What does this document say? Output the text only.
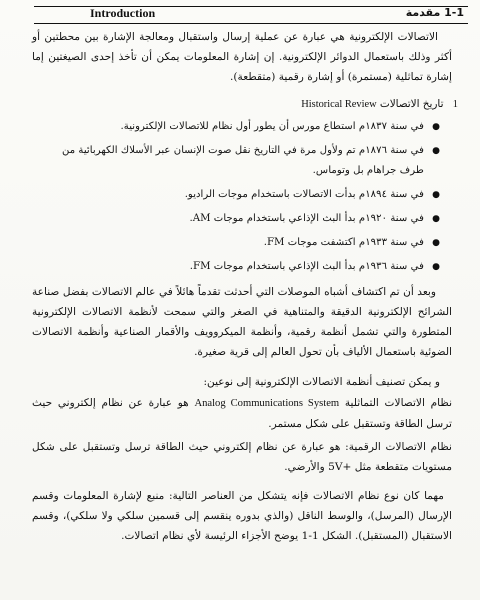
Introduction	1-1 مقدمة

الاتصالات الإلكترونية هي عبارة عن عملية إرسال واستقبال ومعالجة الإشارة بين محطتين أو أكثر وذلك باستعمال الدوائر الإلكترونية. إن إشارة المعلومات يمكن أن تأخذ إحدى الصيغتين إما إشارة تماثلية (مستمرة) أو إشارة رقمية (متقطعة).

1 تاريخ الاتصالات Historical Review
●
في سنة ١٨٣٧م استطاع مورس أن يطور أول نظام للاتصالات الإلكترونية.
●
في سنة ١٨٧٦م تم ولأول مرة في التاريخ نقل صوت الإنسان عبر الأسلاك الكهربائية من طرف جراهام بل وتوماس.
●
في سنة ١٨٩٤م بدأت الاتصالات باستخدام موجات الراديو.
●
في سنة ١٩٢٠م بدأ البث الإذاعي باستخدام موجات AM.
●
في سنة ١٩٣٣م اكتشفت موجات FM.
●
في سنة ١٩٣٦م بدأ البث الإذاعي باستخدام موجات FM.

وبعد أن تم اكتشاف أشباه الموصلات التي أحدثت تقدماً هائلاً في عالم الاتصالات بفضل صناعة الشرائح الإلكترونية الدقيقة والمتناهية في الصغر والتي سمحت لأنظمة الاتصالات الإلكترونية المتطورة والتي تشمل أنظمة رقمية، وأنظمة الميكروويف والأقمار الصناعية وأنظمة الاتصالات الضوئية باستعمال الألياف بأن تحول العالم إلى قرية صغيرة.

و يمكن تصنيف أنظمة الاتصالات الإلكترونية إلى نوعين:

نظام الاتصالات التماثلية Analog Communications System هو عبارة عن نظام إلكتروني حيث ترسل الطاقة وتستقبل على شكل مستمر.

نظام الاتصالات الرقمية: هو عبارة عن نظام إلكتروني حيث الطاقة ترسل وتستقبل على شكل مستويات متقطعة مثل +5V والأرضي.

مهما كان نوع نظام الاتصالات فإنه يتشكل من العناصر التالية: منبع لإشارة المعلومات وقسم الإرسال (المرسل)، والوسط الناقل (والذي بدوره ينقسم إلى قسمين سلكي ولا سلكي)، وقسم الاستقبال (المستقبل). الشكل 1-1 يوضح الأجزاء الرئيسة لأي نظام اتصالات.
